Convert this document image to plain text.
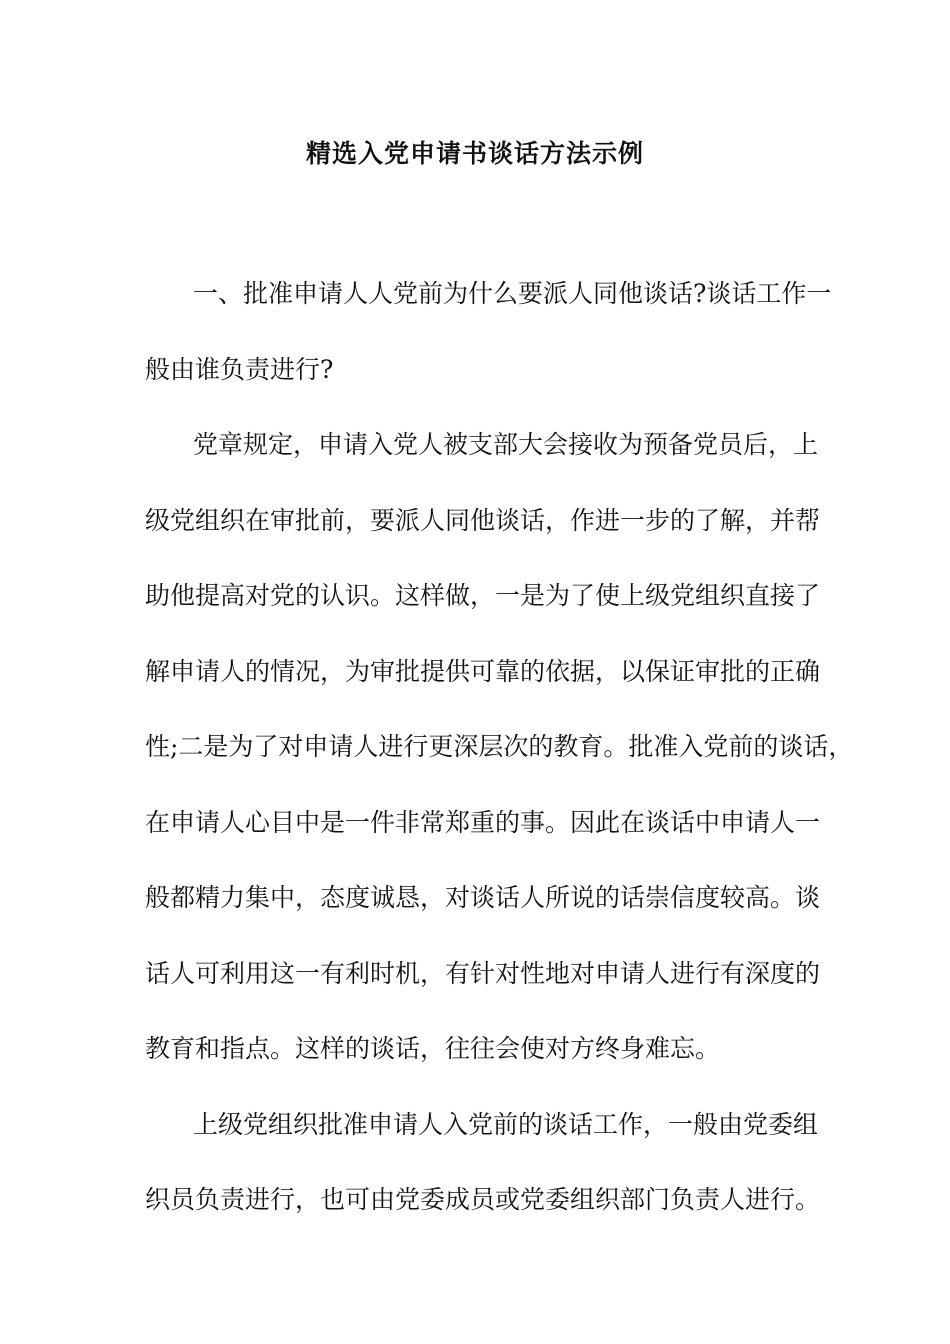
精选入党申请书谈话方法示例
一、批准申请人人党前为什么要派人同他谈话?谈话工作一
般由谁负责进行?
党章规定，申请入党人被支部大会接收为预备党员后，上
级党组织在审批前，要派人同他谈话，作进一步的了解，并帮
助他提高对党的认识。这样做，一是为了使上级党组织直接了
解申请人的情况，为审批提供可靠的依据，以保证审批的正确
性;二是为了对申请人进行更深层次的教育。批准入党前的谈话，
在申请人心目中是一件非常郑重的事。因此在谈话中申请人一
般都精力集中，态度诚恳，对谈话人所说的话崇信度较高。谈
话人可利用这一有利时机，有针对性地对申请人进行有深度的
教育和指点。这样的谈话，往往会使对方终身难忘。
上级党组织批准申请人入党前的谈话工作，一般由党委组
织员负责进行，也可由党委成员或党委组织部门负责人进行。
